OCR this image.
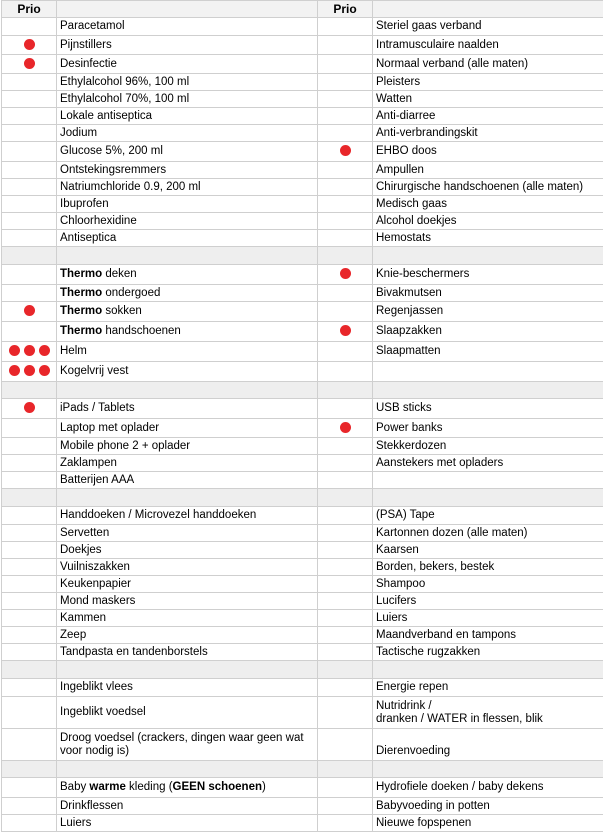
Prio		Prio	
	Paracetamol		Steriel gaas verband
	Pijnstillers		Intramusculaire naalden
	Desinfectie		Normaal verband (alle maten)
	Ethylalcohol 96%, 100 ml		Pleisters
	Ethylalcohol 70%, 100 ml		Watten
	Lokale antiseptica		Anti-diarree
	Jodium		Anti-verbrandingskit
	Glucose 5%, 200 ml		EHBO doos
	Ontstekingsremmers		Ampullen
	Natriumchloride 0.9, 200 ml		Chirurgische handschoenen (alle maten)
	Ibuprofen		Medisch gaas
	Chloorhexidine		Alcohol doekjes
	Antiseptica		Hemostats

	Thermo deken		Knie-beschermers
	Thermo ondergoed		Bivakmutsen
	Thermo sokken		Regenjassen
	Thermo handschoenen		Slaapzakken
	Helm		Slaapmatten
	Kogelvrij vest		

	iPads / Tablets		USB sticks
	Laptop met oplader		Power banks
	Mobile phone 2 + oplader		Stekkerdozen
	Zaklampen		Aanstekers met opladers
	Batterijen AAA		

	Handdoeken / Microvezel handdoeken		(PSA) Tape
	Servetten		Kartonnen dozen (alle maten)
	Doekjes		Kaarsen
	Vuilniszakken		Borden, bekers, bestek
	Keukenpapier		Shampoo
	Mond maskers		Lucifers
	Kammen		Luiers
	Zeep		Maandverband en tampons
	Tandpasta en tandenborstels		Tactische rugzakken

	Ingeblikt vlees		Energie repen
	Ingeblikt voedsel		Nutridrink /
dranken / WATER in flessen, blik
	Droog voedsel (crackers, dingen waar geen wat voor nodig is)		Dierenvoeding

	Baby warme kleding (GEEN schoenen)		Hydrofiele doeken / baby dekens
	Drinkflessen		Babyvoeding in potten
	Luiers		Nieuwe fopspenen
